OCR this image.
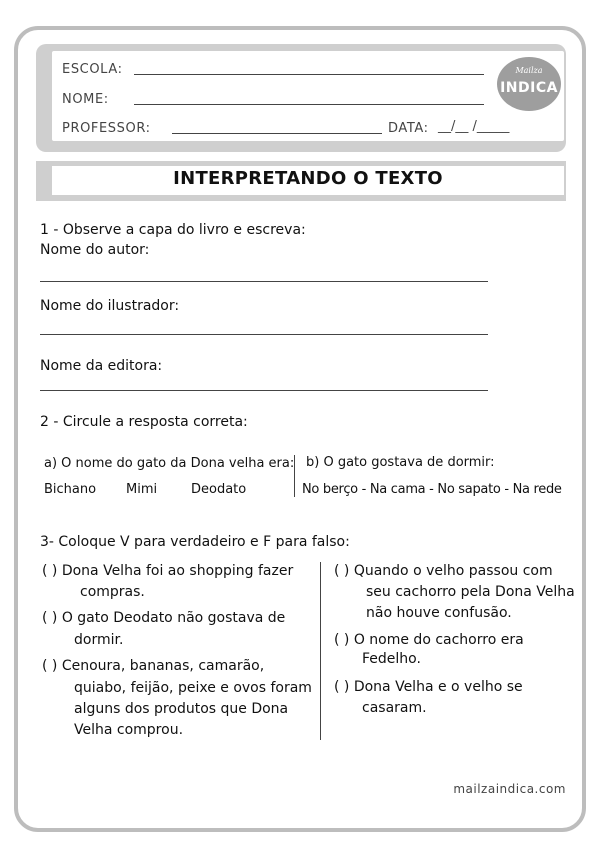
ESCOLA:
NOME:
PROFESSOR:	DATA: __/__ /_____
Mailza
INDICA
INTERPRETANDO O TEXTO
1 - Observe a capa do livro e escreva:
Nome do autor:
Nome do ilustrador:
Nome da editora:
2 - Circule a resposta correta:
a) O nome do gato da Dona velha era: b) O gato gostava de dormir:
Bichano Mimi	Deodato	No berço - Na cama - No sapato - Na rede
3- Coloque V para verdadeiro e F para falso:
( ) Dona Velha foi ao shopping fazer
compras.
( ) O gato Deodato não gostava de
dormir.
( ) Cenoura, bananas, camarão,
quiabo, feijão, peixe e ovos foram
alguns dos produtos que Dona
Velha comprou.
( ) Quando o velho passou com
seu cachorro pela Dona Velha
não houve confusão.
( ) O nome do cachorro era
Fedelho.
( ) Dona Velha e o velho se
casaram.
mailzaindica.com
